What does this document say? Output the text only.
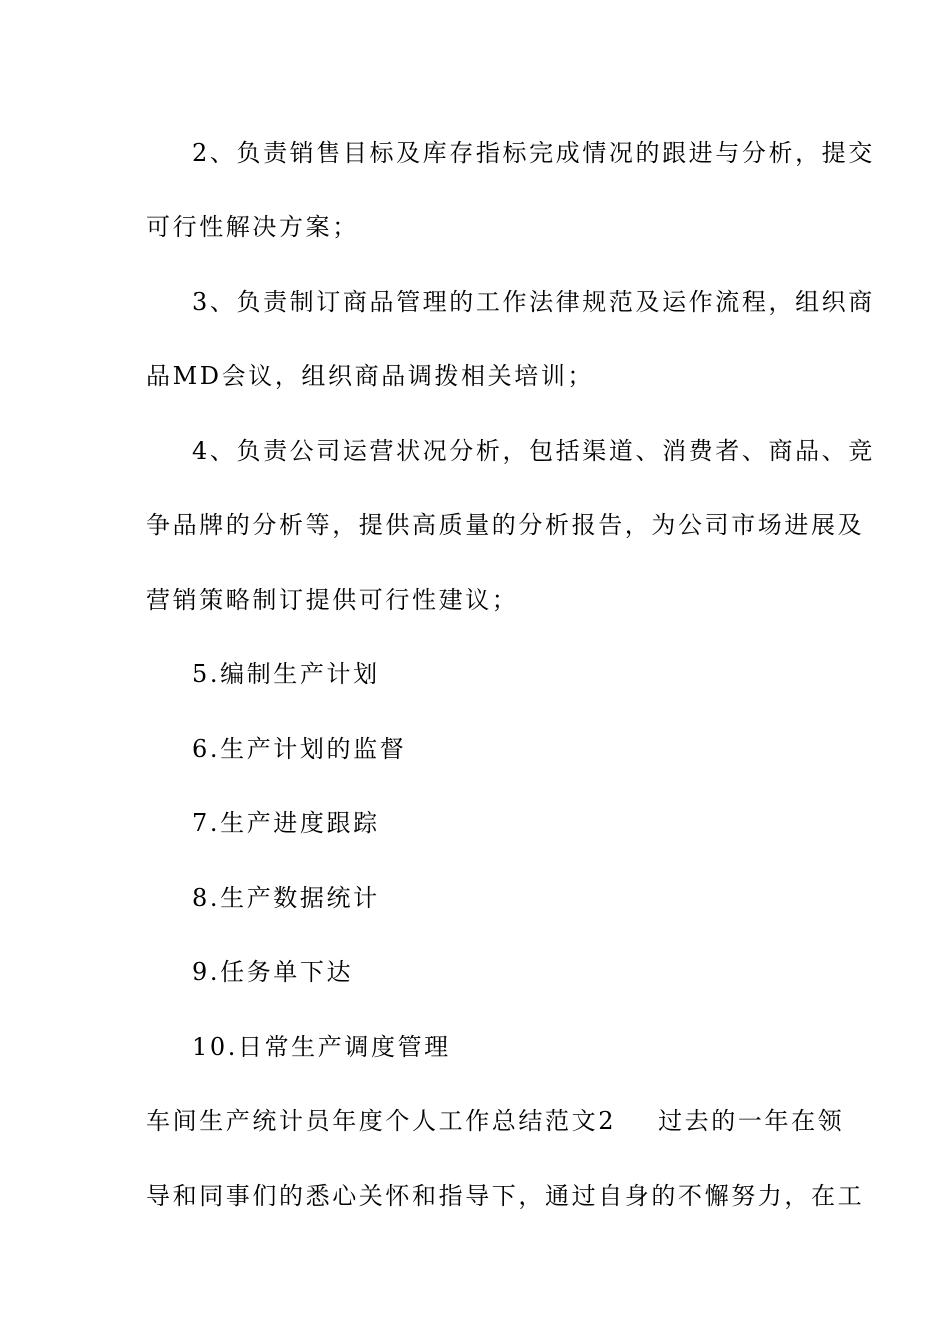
2、负责销售目标及库存指标完成情况的跟进与分析，提交
可行性解决方案；
3、负责制订商品管理的工作法律规范及运作流程，组织商
品MD会议，组织商品调拨相关培训；
4、负责公司运营状况分析，包括渠道、消费者、商品、竞
争品牌的分析等，提供高质量的分析报告，为公司市场进展及
营销策略制订提供可行性建议；
5.编制生产计划
6.生产计划的监督
7.生产进度跟踪
8.生产数据统计
9.任务单下达
10.日常生产调度管理
车间生产统计员年度个人工作总结范文2 过去的一年在领
导和同事们的悉心关怀和指导下，通过自身的不懈努力，在工
